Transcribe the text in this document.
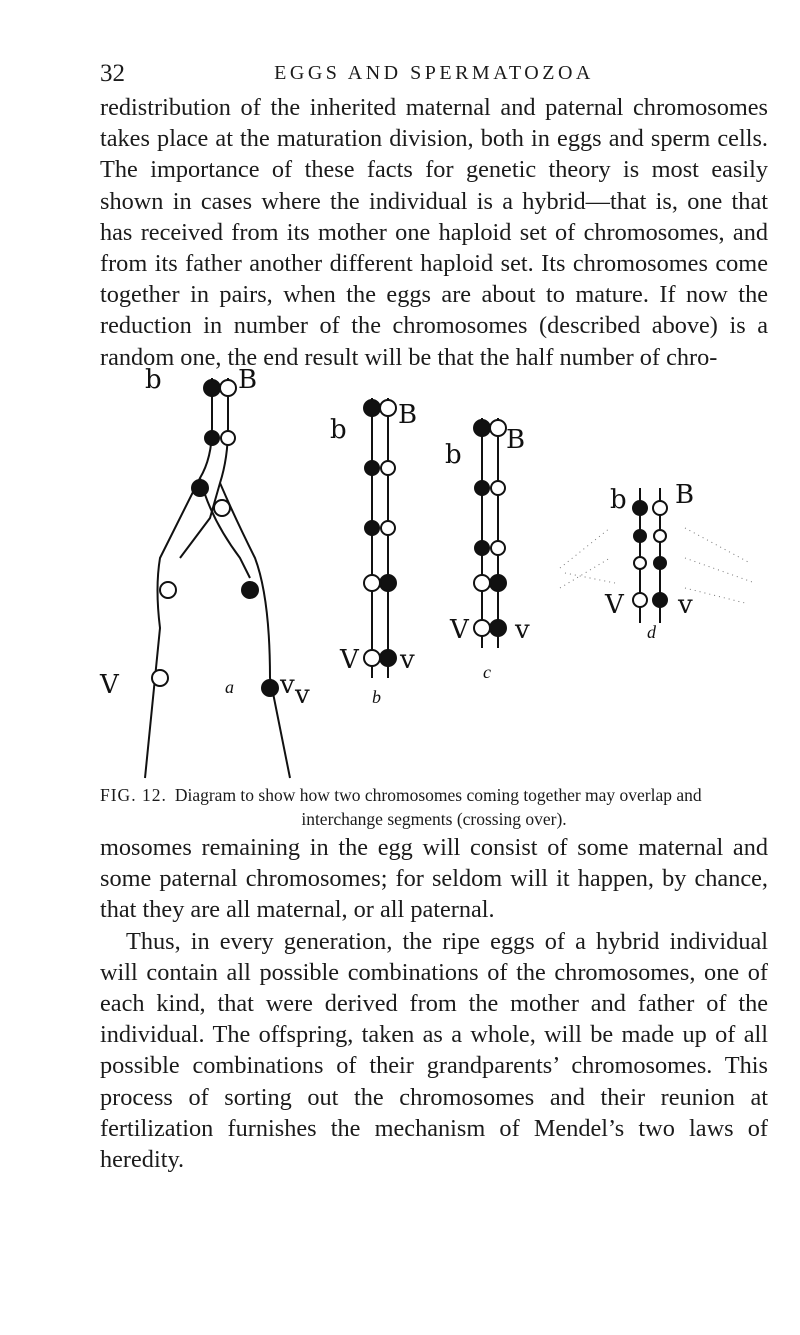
32	EGGS AND SPERMATOZOA

redistribution of the inherited maternal and paternal chromosomes takes place at the maturation division, both in eggs and sperm cells. The importance of these facts for genetic theory is most easily shown in cases where the individual is a hybrid—that is, one that has received from its mother one haploid set of chromosomes, and from its father another different haploid set. Its chromosomes come together in pairs, when the eggs are about to mature. If now the reduction in number of the chromosomes (described above) is a random one, the end result will be that the half number of chro-

b	B
V	a v
b B
V v
v	b
b B
V v
c
b B
V v
d

FIG. 12. Diagram to show how two chromosomes coming together may overlap and
interchange segments (crossing over).

mosomes remaining in the egg will consist of some maternal and some paternal chromosomes; for seldom will it happen, by chance, that they are all maternal, or all paternal.

Thus, in every generation, the ripe eggs of a hybrid individual will contain all possible combinations of the chromosomes, one of each kind, that were derived from the mother and father of the individual. The offspring, taken as a whole, will be made up of all possible combinations of their grandparents’ chromosomes. This process of sorting out the chromosomes and their reunion at fertilization furnishes the mechanism of Mendel’s two laws of heredity.
